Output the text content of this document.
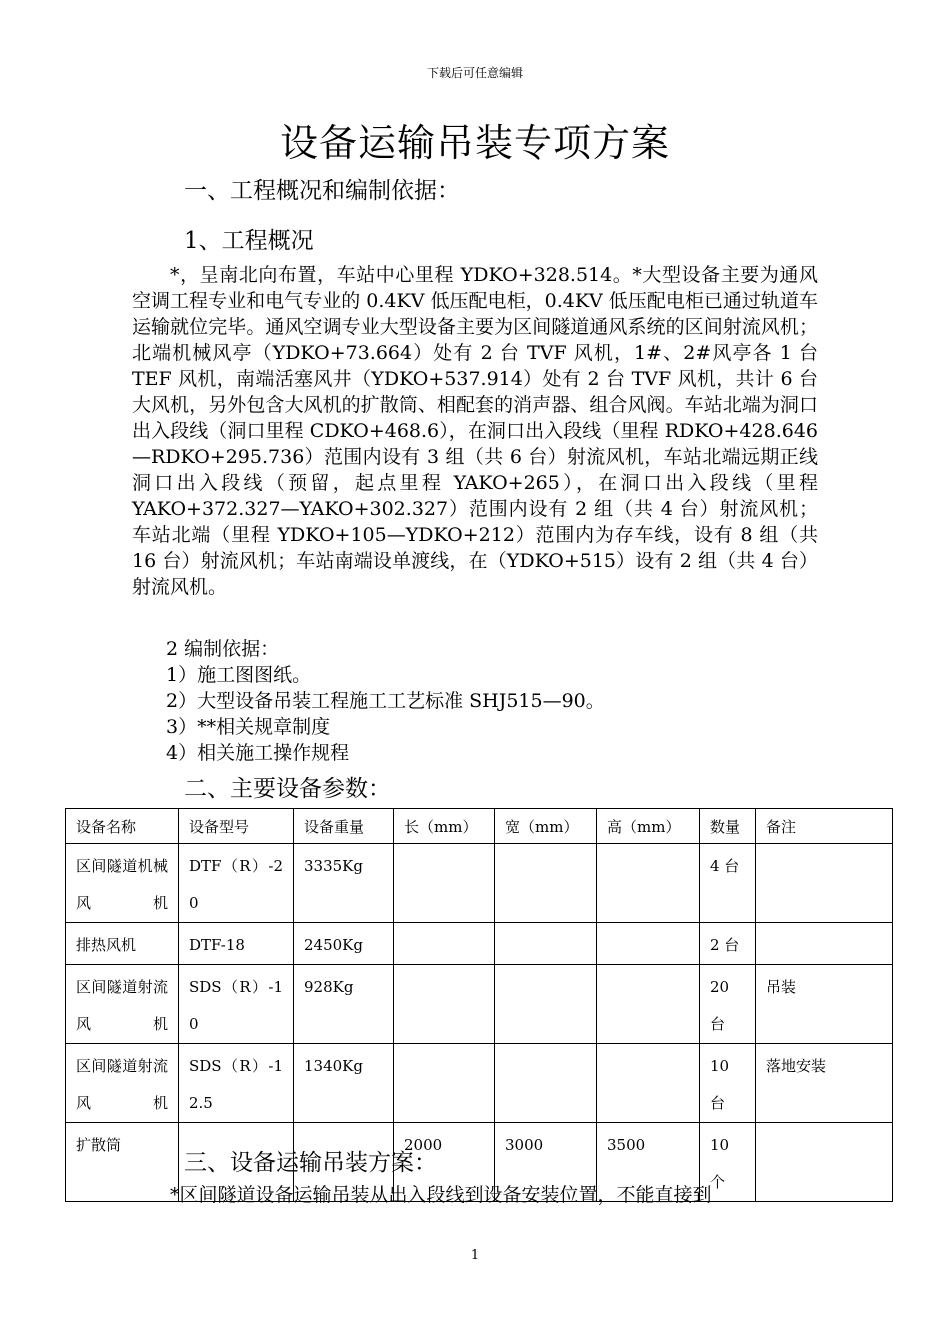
下载后可任意编辑
设备运输吊装专项方案
一、工程概况和编制依据：
1、工程概况

*，呈南北向布置，车站中心里程 YDKO+328.514。*大型设备主要为通风空调工程专业和电气专业的 0.4KV 低压配电柜，0.4KV 低压配电柜已通过轨道车运输就位完毕。通风空调专业大型设备主要为区间隧道通风系统的区间射流风机；北端机械风亭（YDKO+73.664）处有 2 台 TVF 风机，1#、2#风亭各 1 台 TEF 风机，南端活塞风井（YDKO+537.914）处有 2 台 TVF 风机，共计 6 台大风机，另外包含大风机的扩散筒、相配套的消声器、组合风阀。车站北端为洞口出入段线（洞口里程 CDKO+468.6），在洞口出入段线（里程 RDKO+428.646—RDKO+295.736）范围内设有 3 组（共 6 台）射流风机，车站北端远期正线洞口出入段线（预留，起点里程 YAKO+265），在洞口出入段线（里程 YAKO+372.327—YAKO+302.327）范围内设有 2 组（共 4 台）射流风机；车站北端（里程 YDKO+105—YDKO+212）范围内为存车线，设有 8 组（共 16 台）射流风机；车站南端设单渡线，在（YDKO+515）设有 2 组（共 4 台）射流风机。

2 编制依据：
1）施工图图纸。
2）大型设备吊装工程施工工艺标准 SHJ515—90。
3）**相关规章制度
4）相关施工操作规程
二、主要设备参数：
设备名称	设备型号	设备重量	长（mm）	宽（mm）	高（mm）	数量	备注
区间隧道机械风机	DTF（R）-20	3335Kg				4 台	
排热风机	DTF-18	2450Kg				2 台	
区间隧道射流风机	SDS（R）-10	928Kg				20 台	吊装
区间隧道射流风机	SDS（R）-12.5	1340Kg				10 台	落地安装
扩散筒			2000	3000	3500	10 个	
三、设备运输吊装方案：
*区间隧道设备运输吊装从出入段线到设备安装位置，不能直接到
1
